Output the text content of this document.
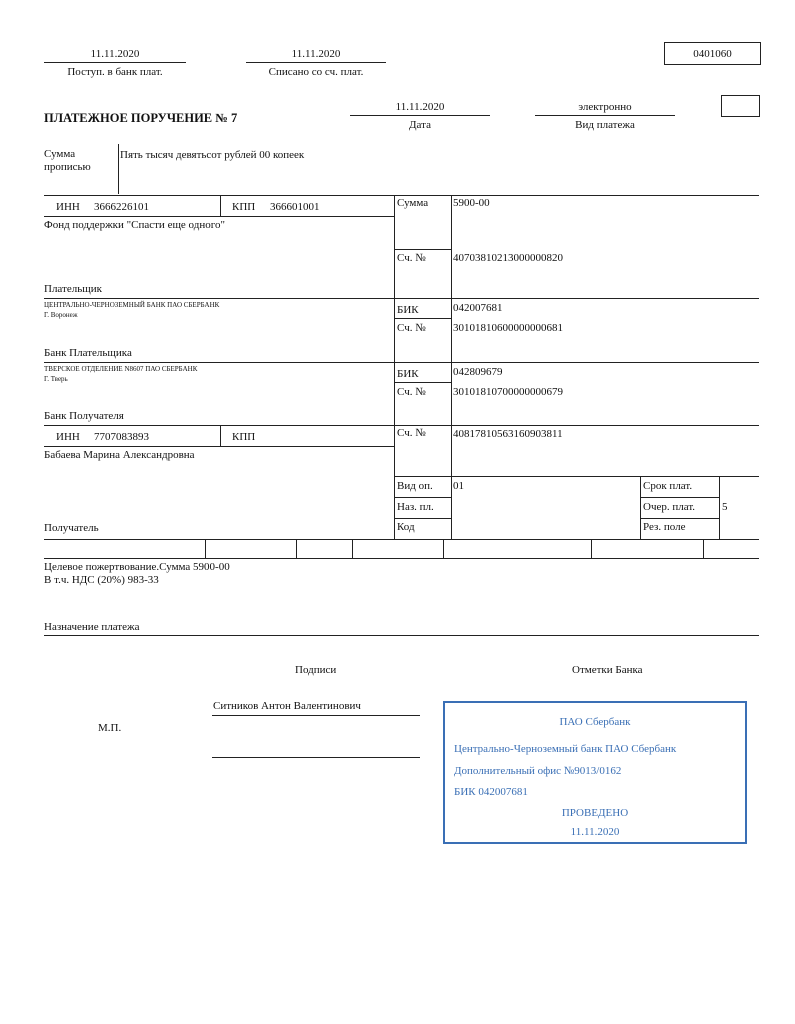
11.11.2020
Поступ. в банк плат.
11.11.2020
Списано со сч. плат.
0401060
ПЛАТЕЖНОЕ ПОРУЧЕНИЕ № 7
11.11.2020
Дата
электронно
Вид платежа
Сумма
прописью
Пять тысяч девятьсот рублей 00 копеек
ИНН 3666226101	КПП 366601001
Фонд поддержки "Спасти еще одного"
Плательщик
Сумма 5900-00
Сч. № 40703810213000000820
ЦЕНТРАЛЬНО-ЧЕРНОЗЕМНЫЙ БАНК ПАО СБЕРБАНК
Г. Воронеж
Банк Плательщика
БИК	042007681
Сч. № 30101810600000000681
ТВЕРСКОЕ ОТДЕЛЕНИЕ N8607 ПАО СБЕРБАНК
Г. Тверь
Банк Получателя
БИК	042809679
Сч. № 30101810700000000679
ИНН 7707083893	КПП
Бабаева Марина Александровна
Сч. № 40817810563160903811
Получатель
Вид оп. 01
Наз. пл.
Код
Срок плат.
Очер. плат. 5
Рез. поле
Целевое пожертвование.Сумма 5900-00
В т.ч. НДС (20%) 983-33
Назначение платежа
Подписи	Отметки Банка
Ситников Антон Валентинович
М.П.	ПАО Сбербанк
Центрально-Черноземный банк ПАО Сбербанк
Дополнительный офис №9013/0162
БИК 042007681
ПРОВЕДЕНО
11.11.2020
